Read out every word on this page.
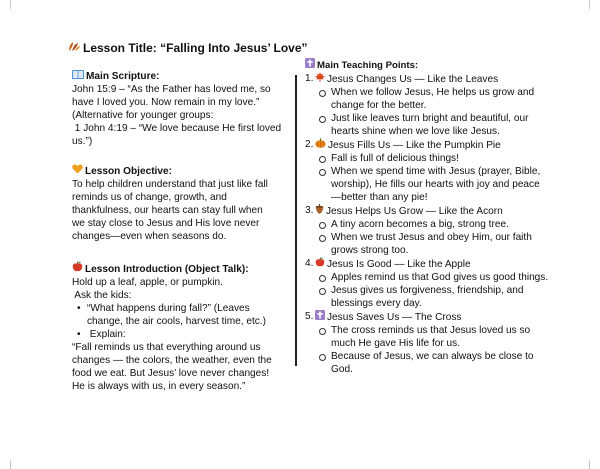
Lesson Title: “Falling Into Jesus’ Love”
Main Scripture:
John 15:9 – “As the Father has loved me, so
have I loved you. Now remain in my love.”
(Alternative for younger groups:
1 John 4:19 – “We love because He first loved
us.”)
Lesson Objective:
To help children understand that just like fall
reminds us of change, growth, and
thankfulness, our hearts can stay full when
we stay close to Jesus and His love never
changes—even when seasons do.
Lesson Introduction (Object Talk):
Hold up a leaf, apple, or pumpkin.
Ask the kids:
• “What happens during fall?” (Leaves
change, the air cools, harvest time, etc.)
•  Explain:
“Fall reminds us that everything around us
changes — the colors, the weather, even the
food we eat. But Jesus’ love never changes!
He is always with us, in every season.”
Main Teaching Points:
1. Jesus Changes Us — Like the Leaves
When we follow Jesus, He helps us grow and
change for the better.
Just like leaves turn bright and beautiful, our
hearts shine when we love like Jesus.
2. Jesus Fills Us — Like the Pumpkin Pie
Fall is full of delicious things!
When we spend time with Jesus (prayer, Bible,
worship), He fills our hearts with joy and peace
—better than any pie!
3. Jesus Helps Us Grow — Like the Acorn
A tiny acorn becomes a big, strong tree.
When we trust Jesus and obey Him, our faith
grows strong too.
4. Jesus Is Good — Like the Apple
Apples remind us that God gives us good things.
Jesus gives us forgiveness, friendship, and
blessings every day.
5. Jesus Saves Us — The Cross
The cross reminds us that Jesus loved us so
much He gave His life for us.
Because of Jesus, we can always be close to
God.
